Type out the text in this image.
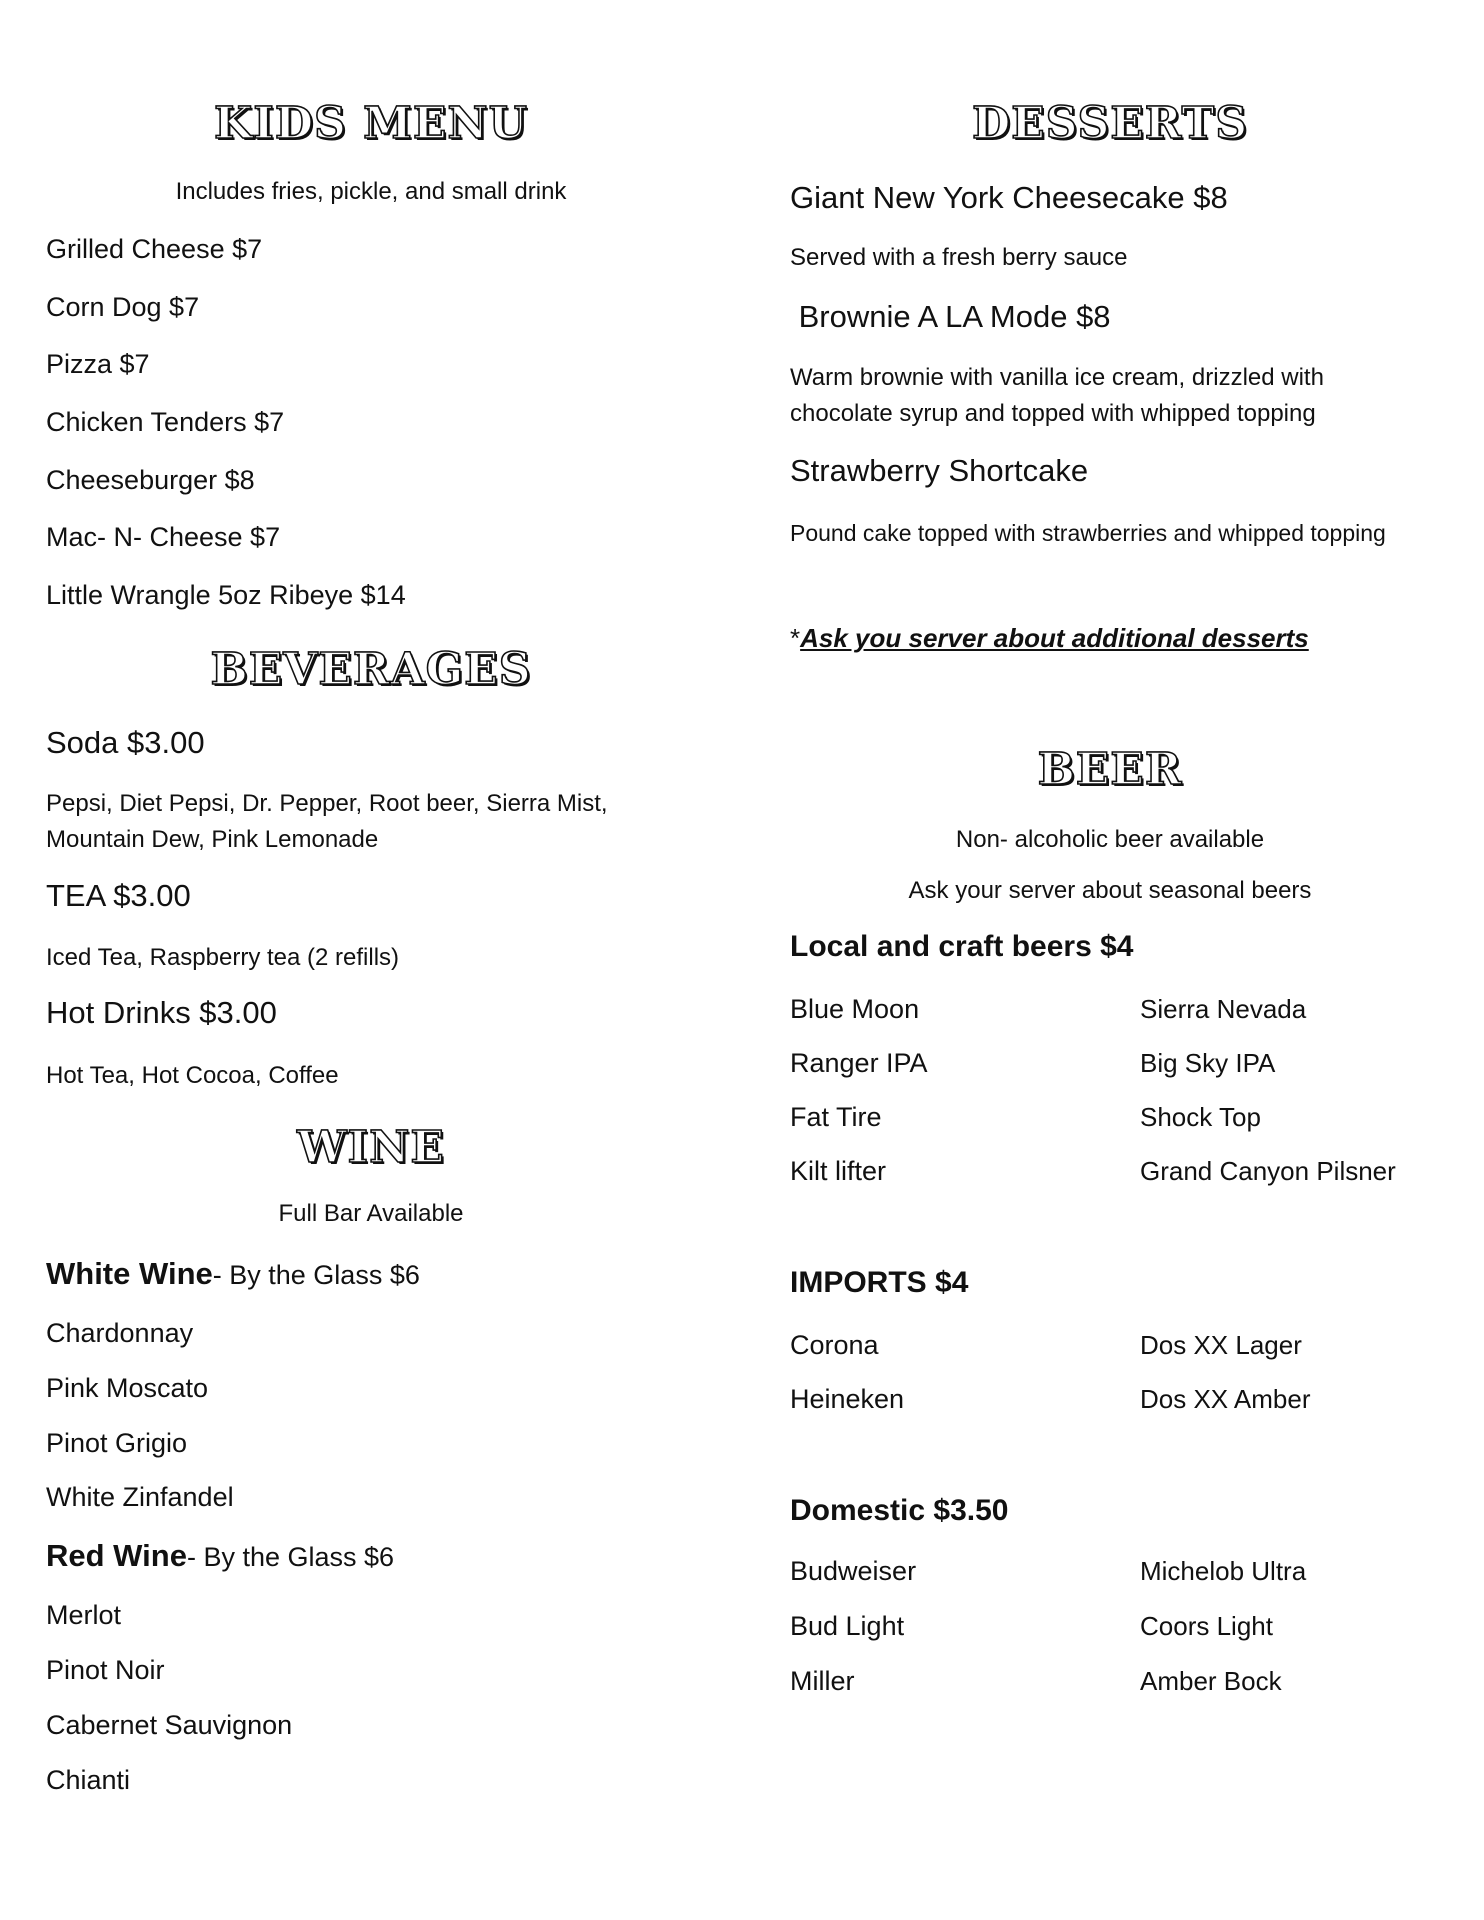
KIDS MENU
Includes fries, pickle, and small drink
Grilled Cheese $7
Corn Dog $7
Pizza $7
Chicken Tenders $7
Cheeseburger $8
Mac- N- Cheese $7
Little Wrangle 5oz Ribeye $14
BEVERAGES
Soda $3.00
Pepsi, Diet Pepsi, Dr. Pepper, Root beer, Sierra Mist, Mountain Dew, Pink Lemonade
TEA $3.00
Iced Tea, Raspberry tea (2 refills)
Hot Drinks $3.00
Hot Tea, Hot Cocoa, Coffee
WINE
Full Bar Available
White Wine- By the Glass $6
Chardonnay
Pink Moscato
Pinot Grigio
White Zinfandel
Red Wine- By the Glass $6
Merlot
Pinot Noir
Cabernet Sauvignon
Chianti
DESSERTS
Giant New York Cheesecake $8
Served with a fresh berry sauce
Brownie A LA Mode $8
Warm brownie with vanilla ice cream, drizzled with chocolate syrup and topped with whipped topping
Strawberry Shortcake
Pound cake topped with strawberries and whipped topping
*Ask you server about additional desserts
BEER
Non- alcoholic beer available
Ask your server about seasonal beers
Local and craft beers $4
Blue Moon	Sierra Nevada
Ranger IPA	Big Sky IPA
Fat Tire	Shock Top
Kilt lifter	Grand Canyon Pilsner
IMPORTS $4
Corona	Dos XX Lager
Heineken	Dos XX Amber
Domestic $3.50
Budweiser	Michelob Ultra
Bud Light	Coors Light
Miller	Amber Bock
